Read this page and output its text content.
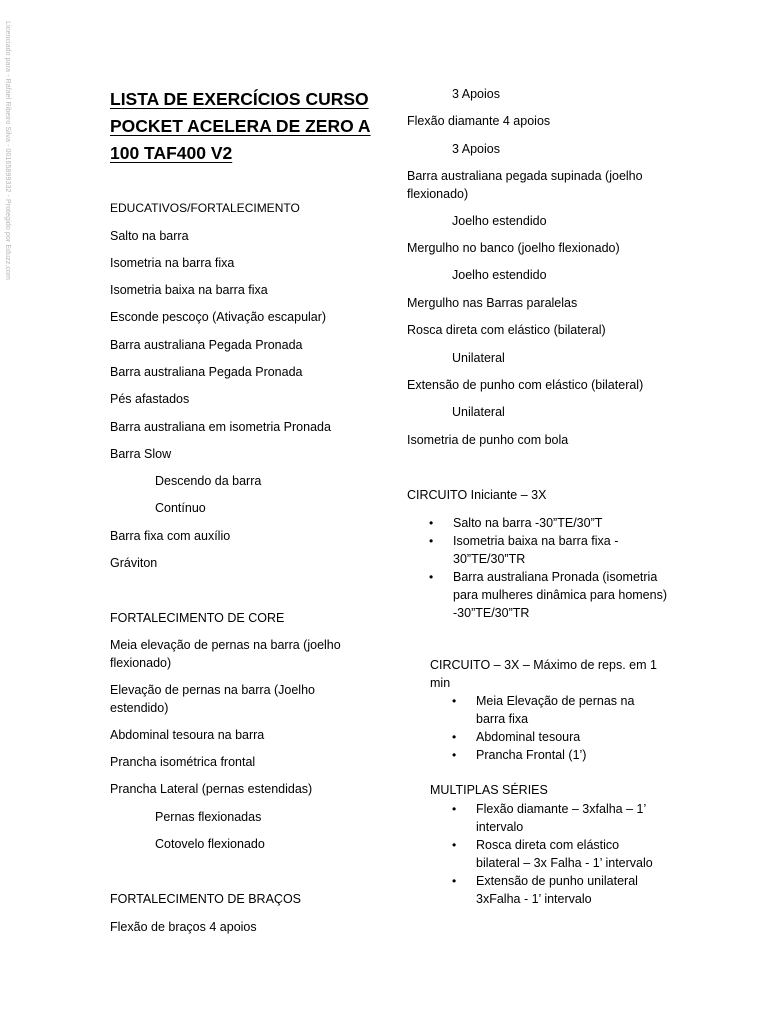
Licenciado para - Rafael Ribeiro Silva - 00165899332 - Protegido por Eduzz.com	LISTA DE EXERCÍCIOS CURSO
POCKET ACELERA DE ZERO A
100 TAF400 V2
EDUCATIVOS/FORTALECIMENTO
Salto na barra
Isometria na barra fixa
Isometria baixa na barra fixa
Esconde pescoço (Ativação escapular)
Barra australiana Pegada Pronada
Barra australiana Pegada Pronada
Pés afastados
Barra australiana em isometria Pronada
Barra Slow
Descendo da barra
Contínuo
Barra fixa com auxílio
Gráviton
FORTALECIMENTO DE CORE
Meia elevação de pernas na barra (joelho flexionado)
Elevação de pernas na barra (Joelho estendido)
Abdominal tesoura na barra
Prancha isométrica frontal
Prancha Lateral (pernas estendidas)
Pernas flexionadas
Cotovelo flexionado
FORTALECIMENTO DE BRAÇOS
Flexão de braços 4 apoios
3 Apoios
Flexão diamante 4 apoios
3 Apoios
Barra australiana pegada supinada (joelho flexionado)
Joelho estendido
Mergulho no banco (joelho flexionado)
Joelho estendido
Mergulho nas Barras paralelas
Rosca direta com elástico (bilateral)
Unilateral
Extensão de punho com elástico (bilateral)
Unilateral
Isometria de punho com bola
CIRCUITO Iniciante – 3X
• Salto na barra -30”TE/30”T
• Isometria baixa na barra fixa - 30”TE/30”TR
• Barra australiana Pronada (isometria para mulheres dinâmica para homens) -30”TE/30”TR
CIRCUITO – 3X – Máximo de reps. em 1 min
• Meia Elevação de pernas na barra fixa
• Abdominal tesoura
• Prancha Frontal (1’)
MULTIPLAS SÉRIES
• Flexão diamante – 3xfalha – 1’ intervalo
• Rosca direta com elástico bilateral – 3x Falha - 1’ intervalo
• Extensão de punho unilateral 3xFalha - 1’ intervalo
